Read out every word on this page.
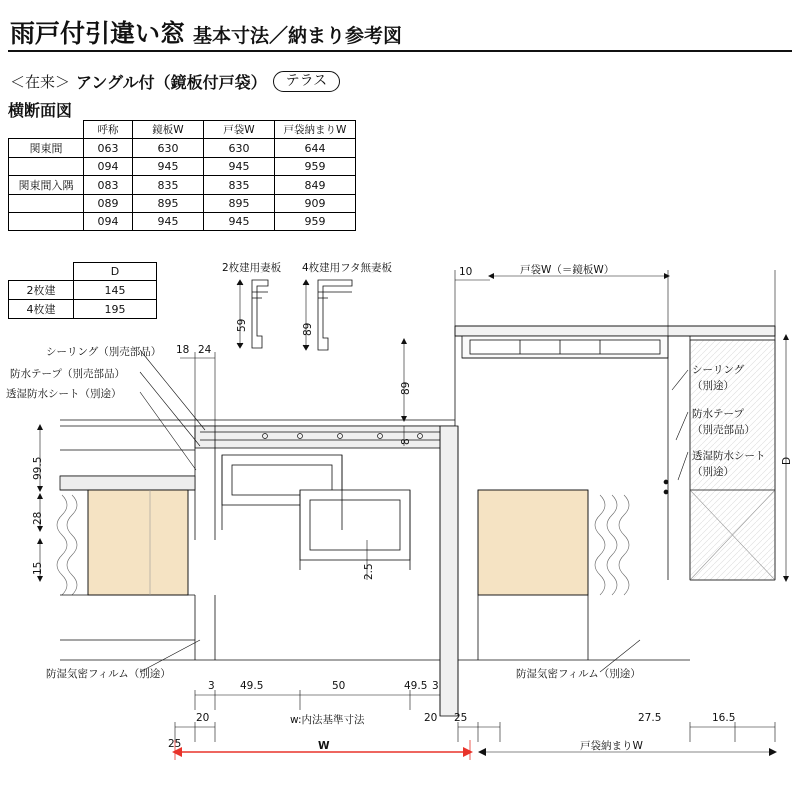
雨戸付引違い窓 基本寸法／納まり参考図
＜在来＞ アングル付（鏡板付戸袋）	テラス
横断面図
	呼称	鏡板W	戸袋W	戸袋納まりW
関東間	063	630	630	644
	094	945	945	959
関東間入隅	083	835	835	849
	089	895	895	909
	094	945	945	959
	D
2枚建	145
4枚建	195
2枚建用妻板 4枚建用フタ無妻板
59	89
89
8
99.5
28
15	2.5
D
18 24
10	戸袋W（＝鏡板W）
シーリング（別売部品）
防水テープ（別売部品）
透湿防水シート（別途）
防湿気密フィルム（別途）
シーリング
（別途）
防水テープ
（別売部品）
透湿防水シート
（別途）
防湿気密フィルム（別途）
3 49.5	50	49.5 3
20	w:内法基準寸法	20 25	27.5	16.5
25	W	戸袋納まりW
